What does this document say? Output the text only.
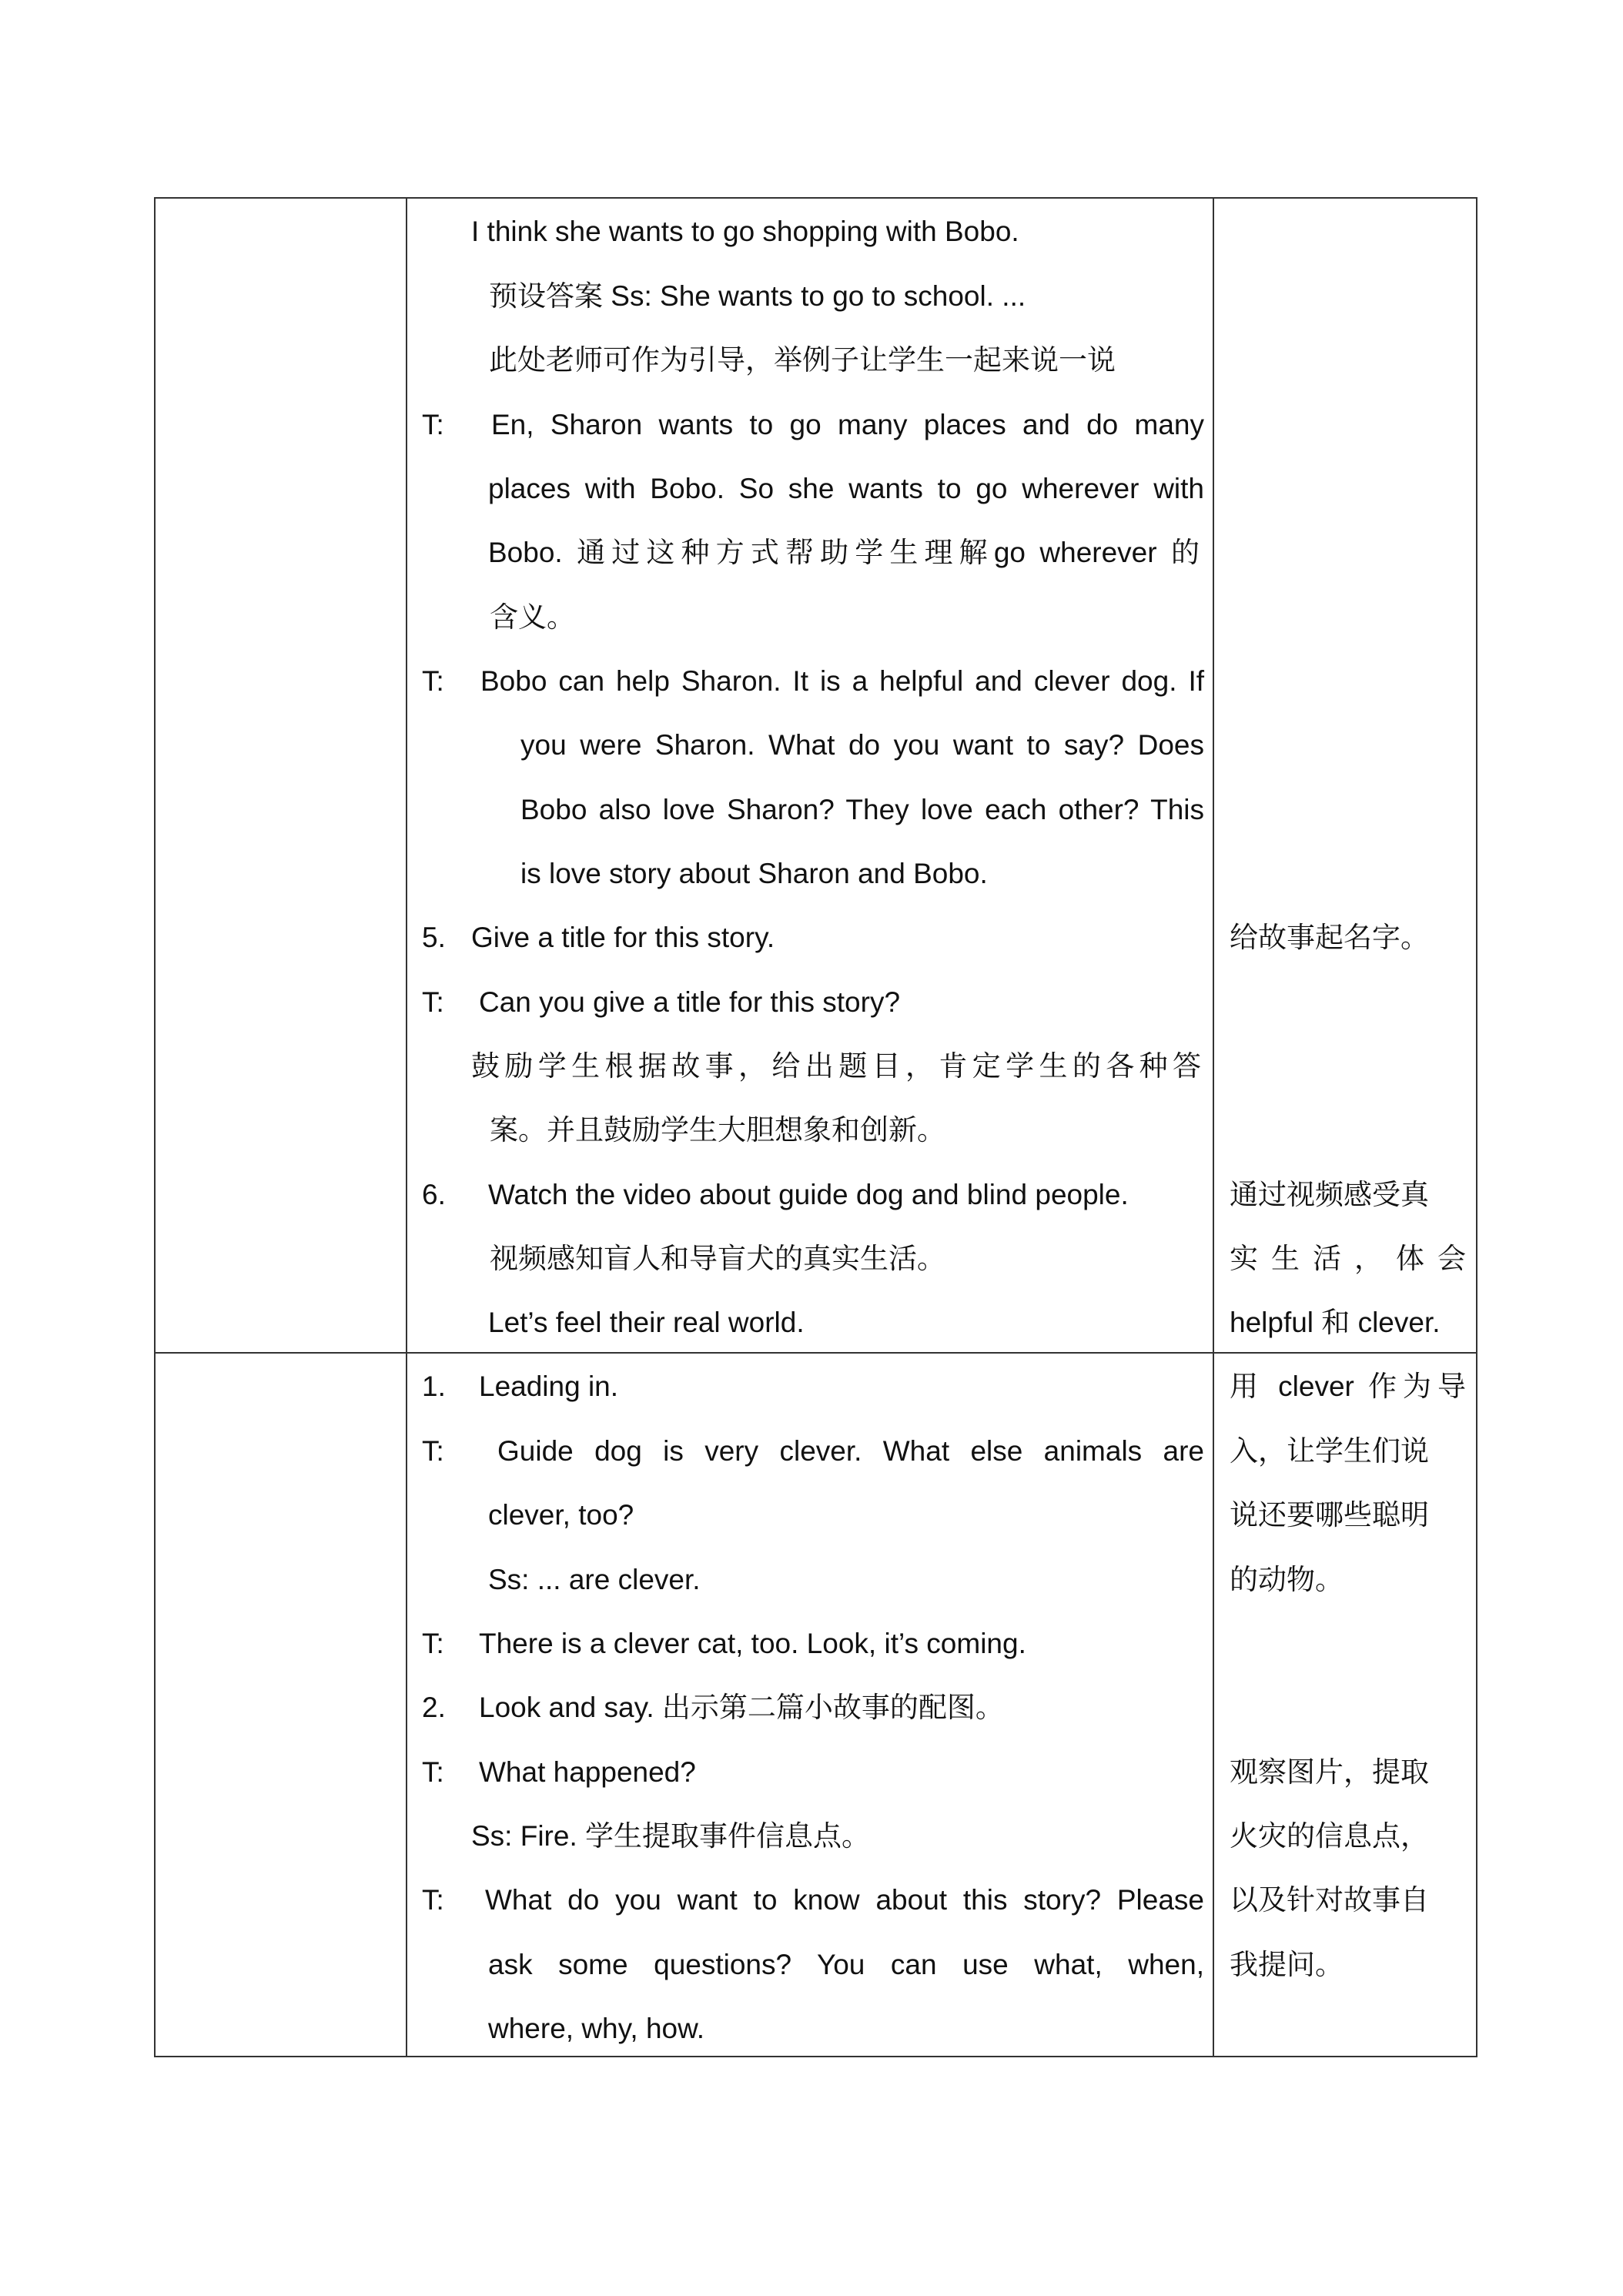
I think she wants to go shopping with Bobo.
预设答案 Ss: She wants to go to school. ...
此处老师可作为引导，举例子让学生一起来说一说
T: En, Sharon wants to go many places and do many
places with Bobo. So she wants to go wherever with
Bobo. 通过这种方式帮助学生理解go wherever 的
含义。
T: Bobo can help Sharon. It is a helpful and clever dog. If
you were Sharon. What do you want to say? Does
Bobo also love Sharon? They love each other? This
is love story about Sharon and Bobo.
5. Give a title for this story.
T: Can you give a title for this story?
鼓励学生根据故事，给出题目，肯定学生的各种答
案。并且鼓励学生大胆想象和创新。
6. Watch the video about guide dog and blind people.
视频感知盲人和导盲犬的真实生活。
Let’s feel their real world.
给故事起名字。
通过视频感受真
实 生 活 ， 体 会
helpful 和 clever.
1. Leading in.
T: Guide dog is very clever. What else animals are
clever, too?
Ss: ... are clever.
T: There is a clever cat, too. Look, it’s coming.
2. Look and say. 出示第二篇小故事的配图。
T: What happened?
Ss: Fire. 学生提取事件信息点。
T: What do you want to know about this story? Please
ask some questions? You can use what, when,
where, why, how.
用 clever 作为导
入，让学生们说
说还要哪些聪明
的动物。
观察图片，提取
火灾的信息点，
以及针对故事自
我提问。
